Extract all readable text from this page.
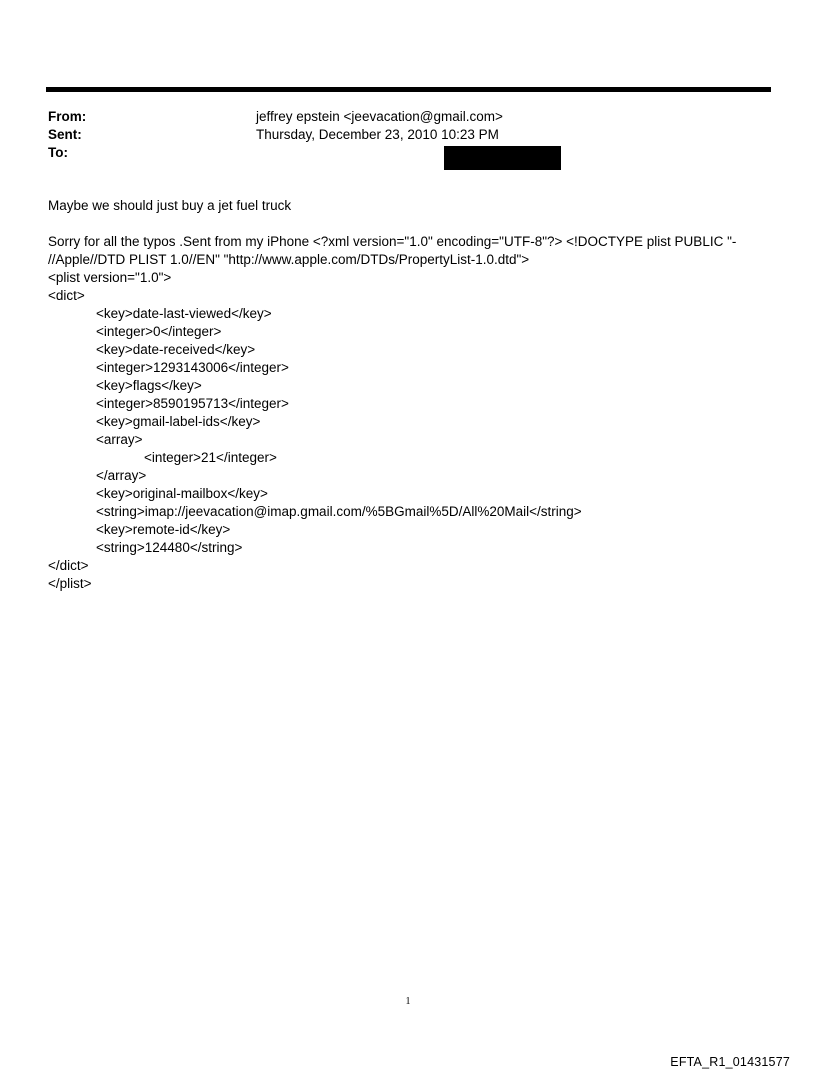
From:	jeffrey epstein <jeevacation@gmail.com>
Sent:	Thursday, December 23, 2010 10:23 PM
To:

Maybe we should just buy a jet fuel truck

Sorry for all the typos .Sent from my iPhone <?xml version="1.0" encoding="UTF-8"?> <!DOCTYPE plist PUBLIC "-

//Apple//DTD PLIST 1.0//EN" "http://www.apple.com/DTDs/PropertyList-1.0.dtd">

<plist version="1.0">

<dict>

<key>date-last-viewed</key>

<integer>0</integer>

<key>date-received</key>

<integer>1293143006</integer>

<key>flags</key>

<integer>8590195713</integer>

<key>gmail-label-ids</key>

<array>

<integer>21</integer>

</array>

<key>original-mailbox</key>

<string>imap://jeevacation@imap.gmail.com/%5BGmail%5D/All%20Mail</string>

<key>remote-id</key>

<string>124480</string>

</dict>

</plist>

1
EFTA_R1_01431577
